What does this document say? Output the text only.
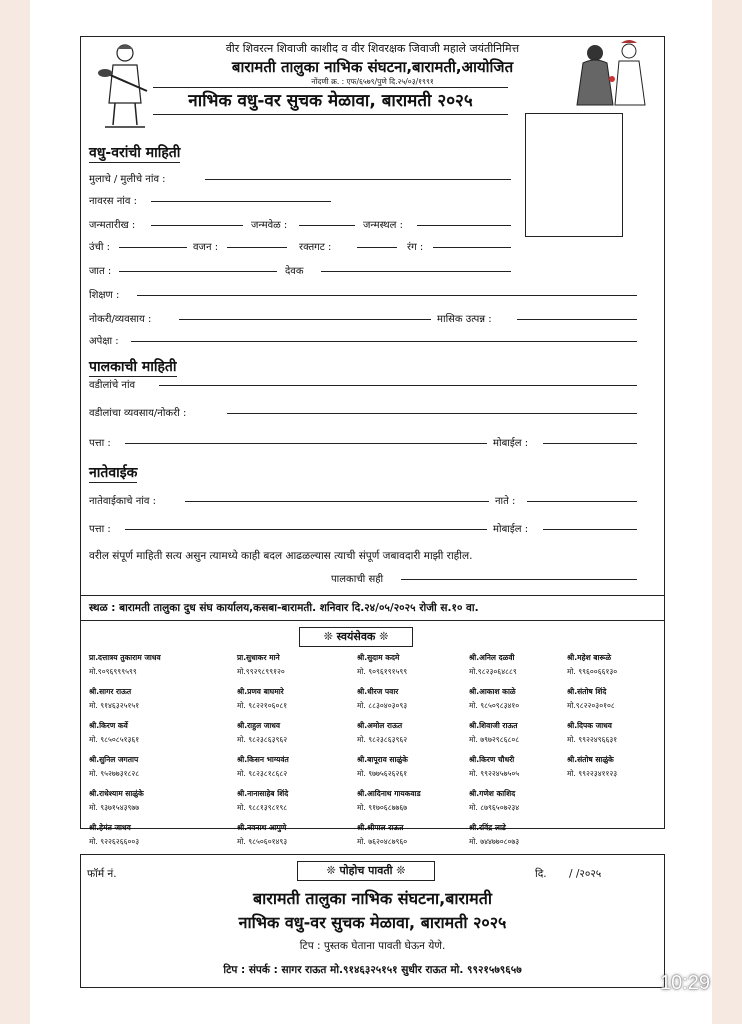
वीर शिवरत्न शिवाजी काशीद व वीर शिवरक्षक जिवाजी महाले जयंतीनिमित्त
बारामती तालुका नाभिक संघटना,बारामती,आयोजित
नोंदणी क्र. : एफ/६५७९/पुणे दि.२५/०३/१९९१
नाभिक वधु-वर सुचक मेळावा, बारामती २०२५
वधु-वरांची माहिती
मुलाचे / मुलीचे नांव :
नावरस नांव :
जन्मतारीख :	जन्मवेळ :	जन्मस्थल :
उंची :	वजन :	रक्तगट :	रंग :
जात :	देवक
शिक्षण :
नोकरी/व्यवसाय :	मासिक उत्पन्न :
अपेक्षा :
पालकाची माहिती
वडीलांचे नांव
वडीलांचा व्यवसाय/नोकरी :
पत्ता :	मोबाईल :
नातेवाईक
नातेवाईकाचे नांव :	नाते :
पत्ता :	मोबाईल :
वरील संपूर्ण माहिती सत्य असुन त्यामध्ये काही बदल आढळल्यास त्याची संपूर्ण जबावदारी माझी राहील.
पालकाची सही
स्थळ : बारामती तालुका दुध संघ कार्यालय,कसबा-बारामती. शनिवार दि.२४/०५/२०२५ रोजी स.१० वा.
❊ स्वयंसेवक ❊
प्रा.दत्तात्रय तुकाराम जाधव
मो.९०९६९९९५९९
प्रा.सुधाकर माने
मो.९९२९८९९१२०
श्री.सुदाम कदमे
मो. ९०९६१९१५९९
श्री.अनिल दळवी
मो.९८२३०६४८८९
श्री.महेश बारूळे
मो. ९९६००६६१३०
श्री.सागर राऊत
मो. ९१४६३२५१५१
श्री.प्रणव बाघमारे
मो. ९८२२१०६०८१
श्री.धीरज पवार
मो. ८८३०४०३०९३
श्री.आकाश काळे
मो. ९८५०९८३४१०
श्री.संतोष शिंदे
मो.९८२२०३०१०८
श्री.किरण कर्वे
मो. ९८५०८५१३६१
श्री.राहुल जाधव
मो. ९८२३८६३९६२
श्री.अमोल राऊत
मो. ९८२३८६३९६२
श्री.शिवाजी राऊत
मो. ७९७२९८६८०८
श्री.दिपक जाधव
मो. ९९२२४९६६३१
श्री.सुनिल जगताप
मो. ९५२७७३१८२८
श्री.किसन भाग्यवंत
मो. ९८२३८१८६८२
श्री.बापूराव साळुंके
मो. ९७७५६२६२६१
श्री.किरण चौधरी
मो. ९९२२४५७५०५
श्री.संतोष साळुंके
मो. ९९२२३४११२३
श्री.राधेश्याम साळुंके
मो. ९३७१५४३९७७
श्री.नानासाहेब शिंदे
मो. ९८८१३९८१९८
श्री.आदिनाथ गायकवाड
मो. ९१७०६८७७६७
श्री.गणेश काशिद
मो. ८७९६५०७२३४
श्री.हेमंत जाधव
मो. ९२२६२६६००३
श्री.नवनाथ आपुणे
मो. ९८५०६०१४९३
श्री.श्रीपाल राऊत
मो. ७६२०४८७९६०
श्री.रविंद्र लाडे
मो. ७४४७७०८०७३
फॉर्म नं.	❊ पोहोच पावती ❊	दि. / /२०२५
बारामती तालुका नाभिक संघटना,बारामती
नाभिक वधु-वर सुचक मेळावा, बारामती २०२५
टिप : पुस्तक घेताना पावती घेऊन येणे.
टिप : संपर्क : सागर राऊत मो.९१४६३२५१५१ सुधीर राऊत मो. ९९२१५७९६५७
10:29
